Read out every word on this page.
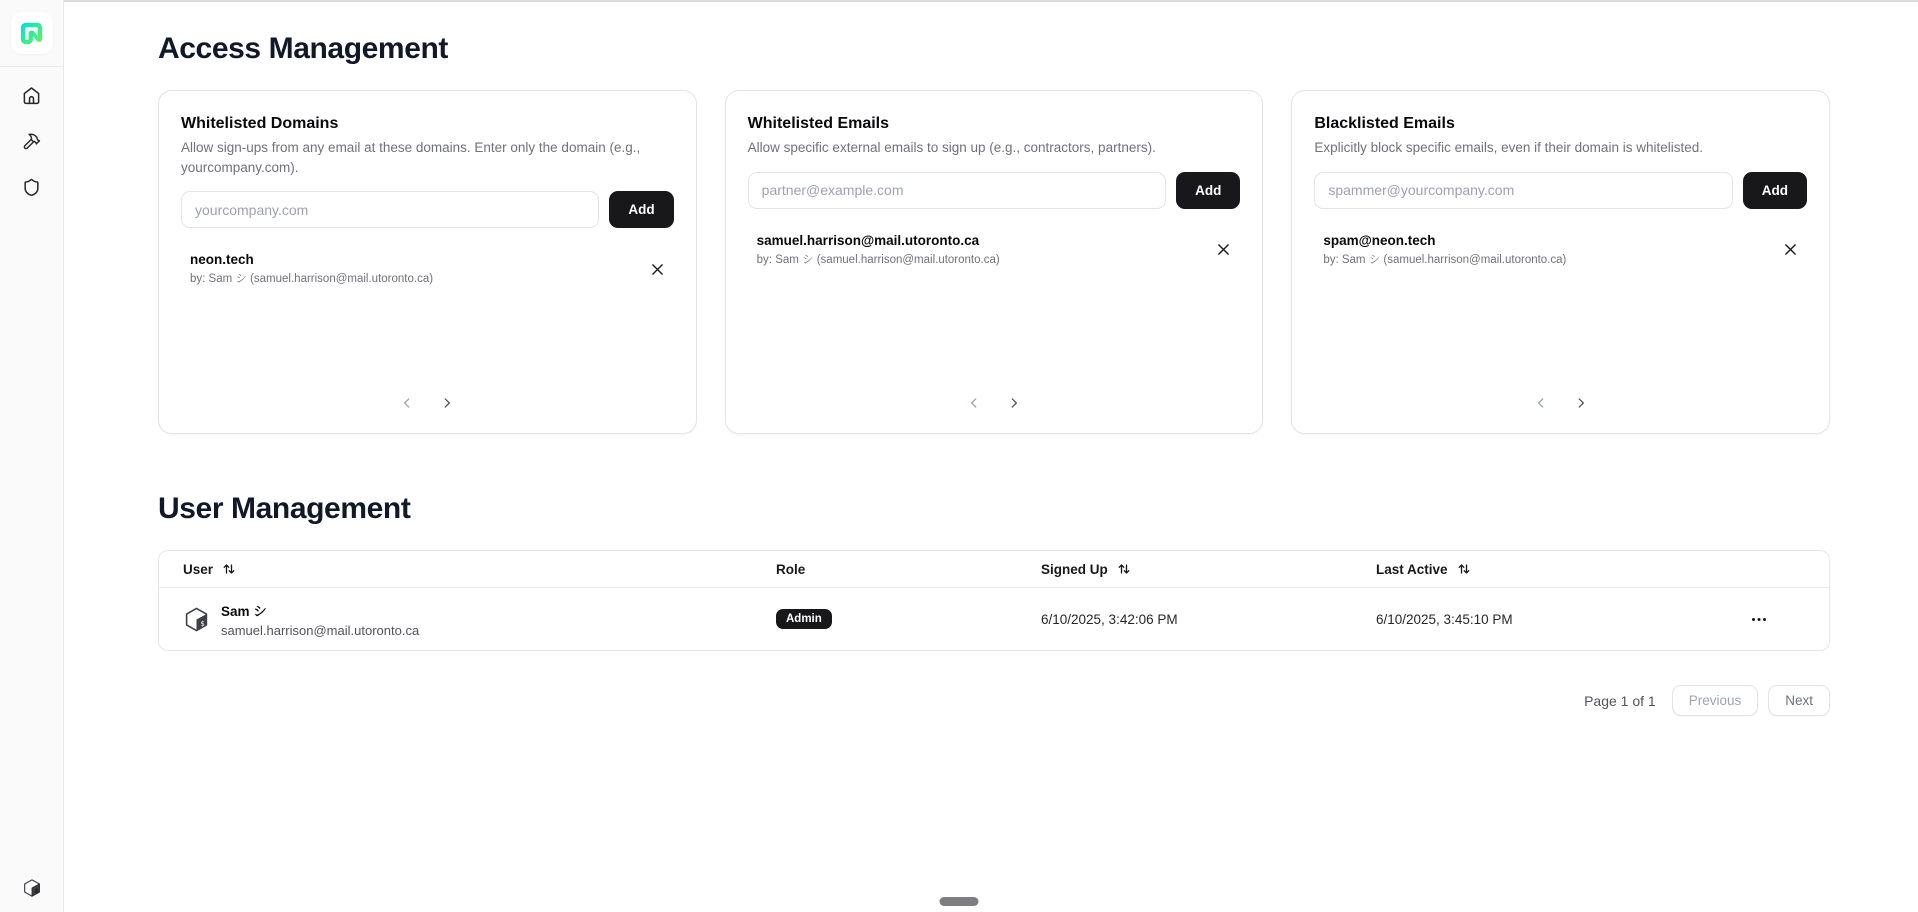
Access Management
Whitelisted Domains
Allow sign-ups from any email at these domains. Enter only the domain (e.g., yourcompany.com).
yourcompany.com
Add
neon.tech
by: Sam シ (samuel.harrison@mail.utoronto.ca)
Whitelisted Emails
Allow specific external emails to sign up (e.g., contractors, partners).
partner@example.com
Add
samuel.harrison@mail.utoronto.ca
by: Sam シ (samuel.harrison@mail.utoronto.ca)
Blacklisted Emails
Explicitly block specific emails, even if their domain is whitelisted.
spammer@yourcompany.com
Add
spam@neon.tech
by: Sam シ (samuel.harrison@mail.utoronto.ca)
User Management
User	Role	Signed Up	Last Active
Sam シ
samuel.harrison@mail.utoronto.ca
Admin	6/10/2025, 3:42:06 PM	6/10/2025, 3:45:10 PM
Page 1 of 1	Previous	Next
